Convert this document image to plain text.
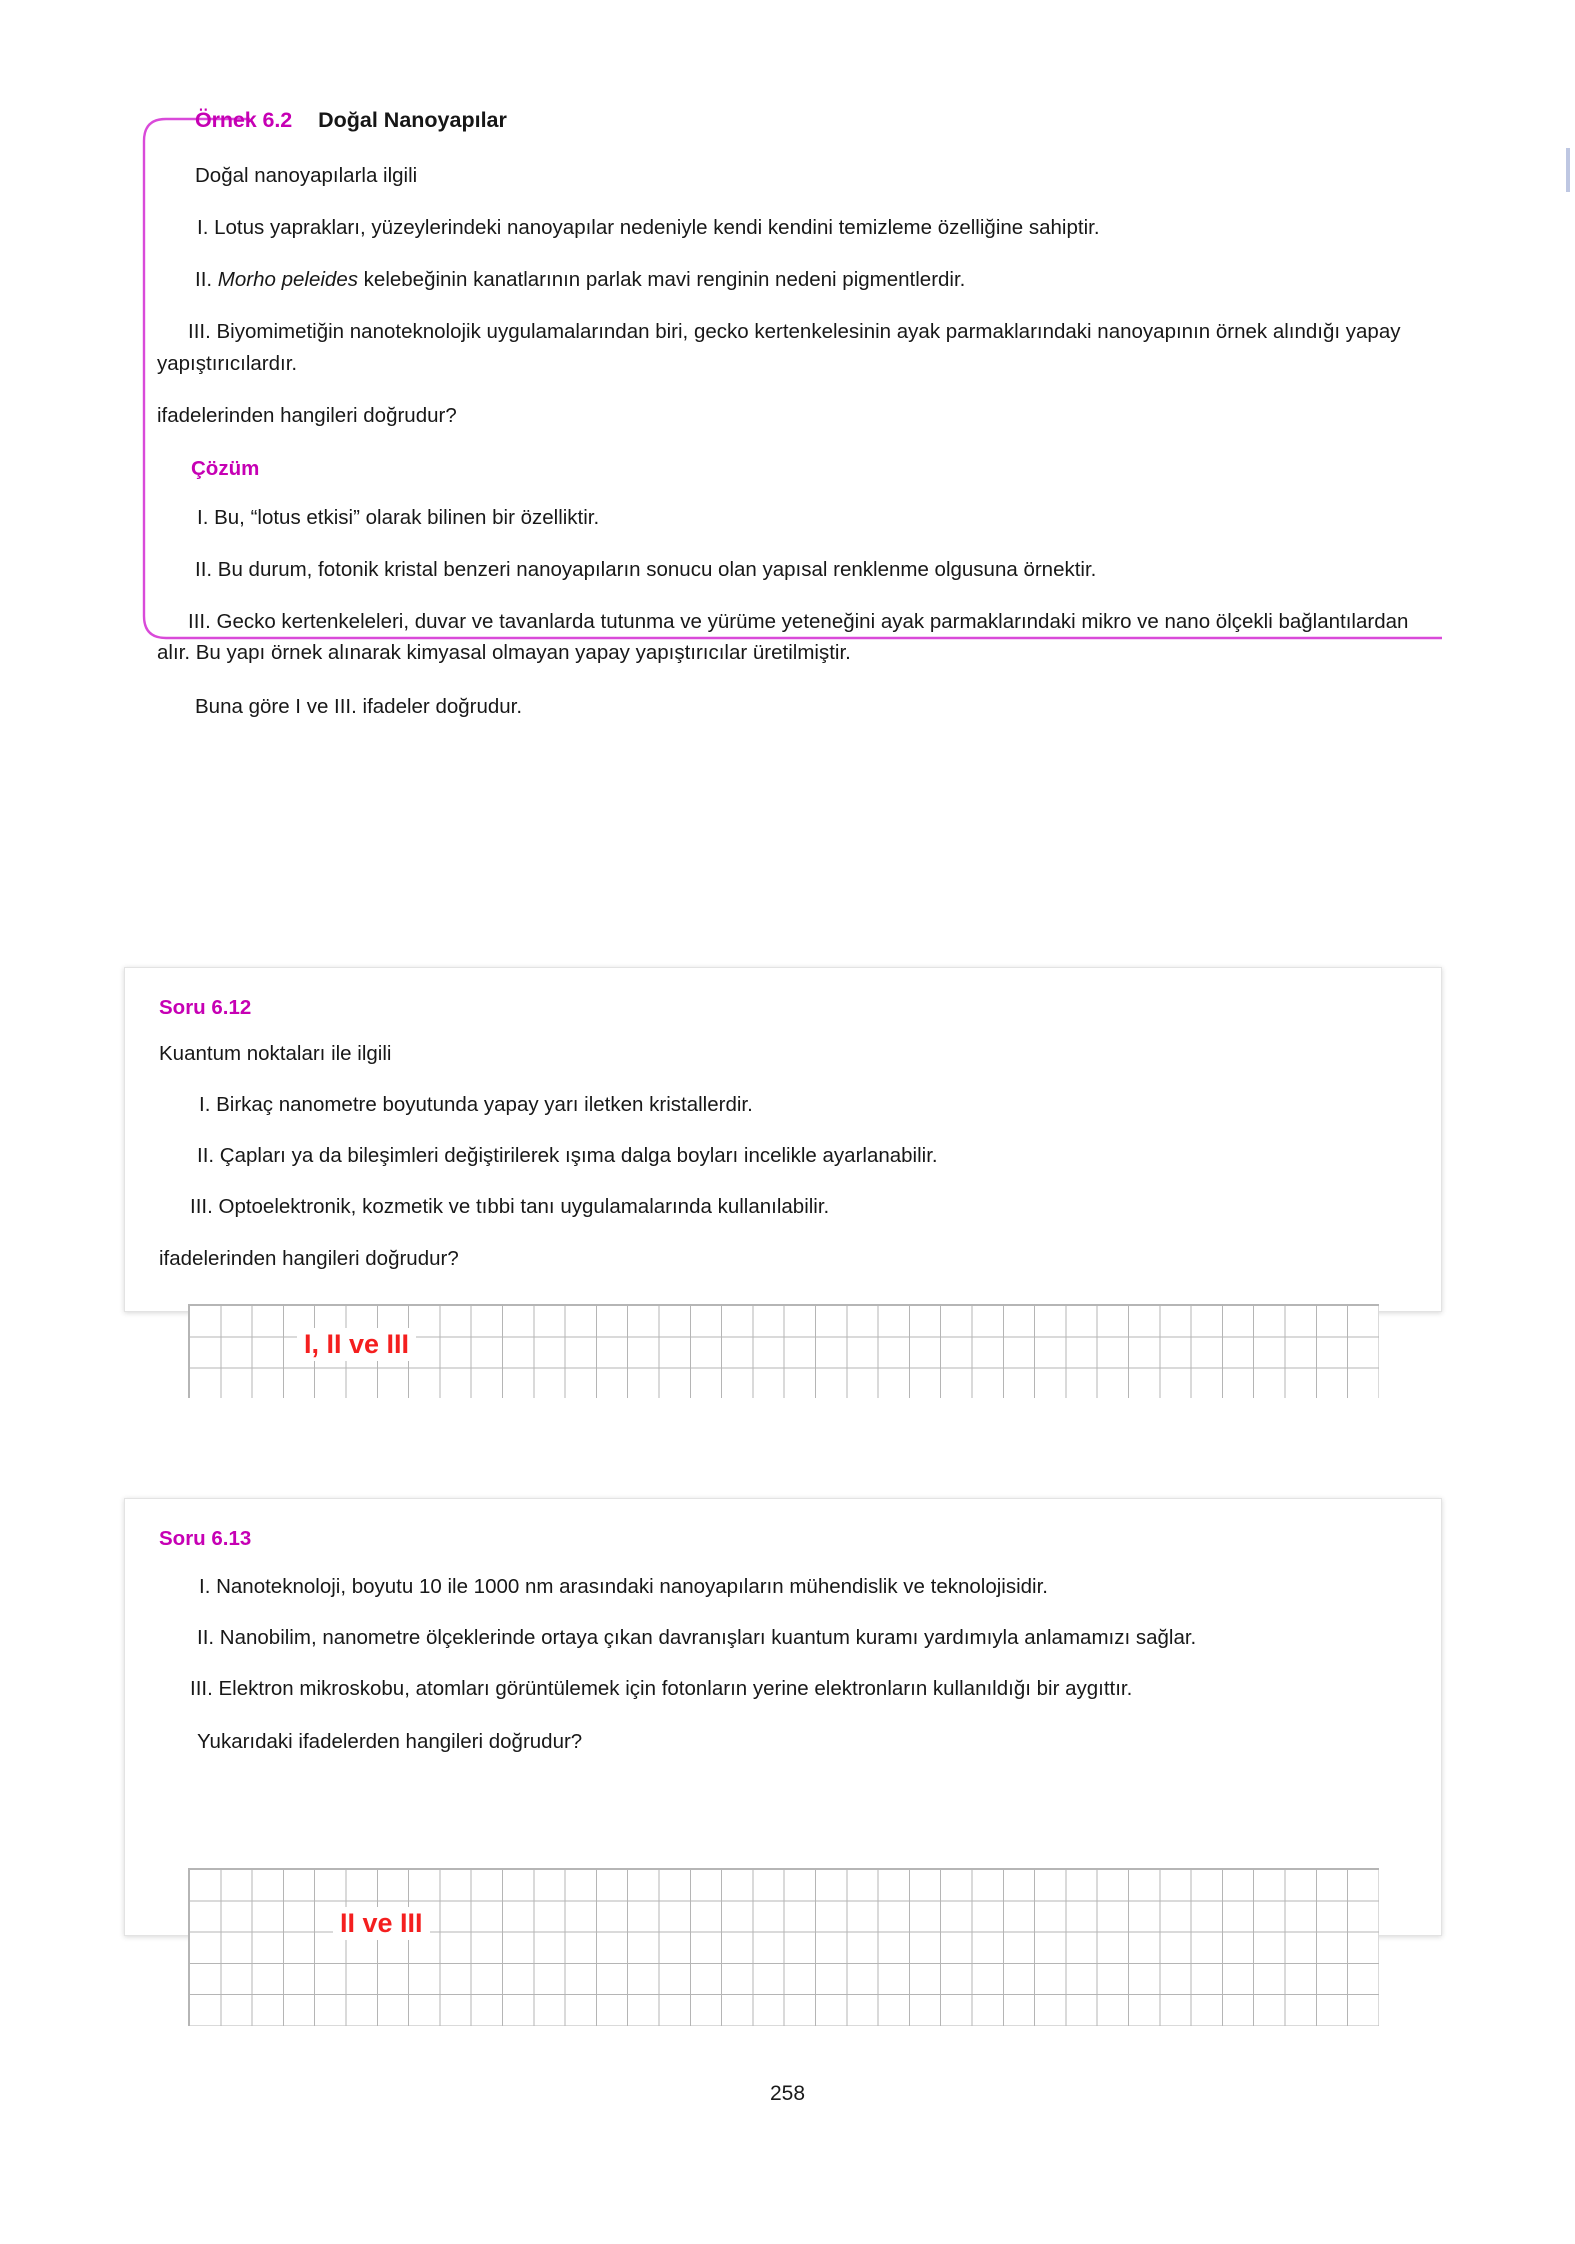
Örnek 6.2 Doğal Nanoyapılar

Doğal nanoyapılarla ilgili

I. Lotus yaprakları, yüzeylerindeki nanoyapılar nedeniyle kendi kendini temizleme özelliğine sahiptir.

II. Morho peleides kelebeğinin kanatlarının parlak mavi renginin nedeni pigmentlerdir.

III. Biyomimetiğin nanoteknolojik uygulamalarından biri, gecko kertenkelesinin ayak parmaklarındaki nanoyapının örnek alındığı yapay yapıştırıcılardır.

ifadelerinden hangileri doğrudur?

Çözüm

I. Bu, “lotus etkisi” olarak bilinen bir özelliktir.

II. Bu durum, fotonik kristal benzeri nanoyapıların sonucu olan yapısal renklenme olgusuna örnektir.

III. Gecko kertenkeleleri, duvar ve tavanlarda tutunma ve yürüme yeteneğini ayak parmaklarındaki mikro ve nano ölçekli bağlantılardan alır. Bu yapı örnek alınarak kimyasal olmayan yapay yapıştırıcılar üretilmiştir.

Buna göre I ve III. ifadeler doğrudur.

Soru 6.12

Kuantum noktaları ile ilgili

I. Birkaç nanometre boyutunda yapay yarı iletken kristallerdir.

II. Çapları ya da bileşimleri değiştirilerek ışıma dalga boyları incelikle ayarlanabilir.

III. Optoelektronik, kozmetik ve tıbbi tanı uygulamalarında kullanılabilir.

ifadelerinden hangileri doğrudur?

I, II ve III
Soru 6.13

I. Nanoteknoloji, boyutu 10 ile 1000 nm arasındaki nanoyapıların mühendislik ve teknolojisidir.

II. Nanobilim, nanometre ölçeklerinde ortaya çıkan davranışları kuantum kuramı yardımıyla anlamamızı sağlar.

III. Elektron mikroskobu, atomları görüntülemek için fotonların yerine elektronların kullanıldığı bir aygıttır.

Yukarıdaki ifadelerden hangileri doğrudur?

II ve III
258
